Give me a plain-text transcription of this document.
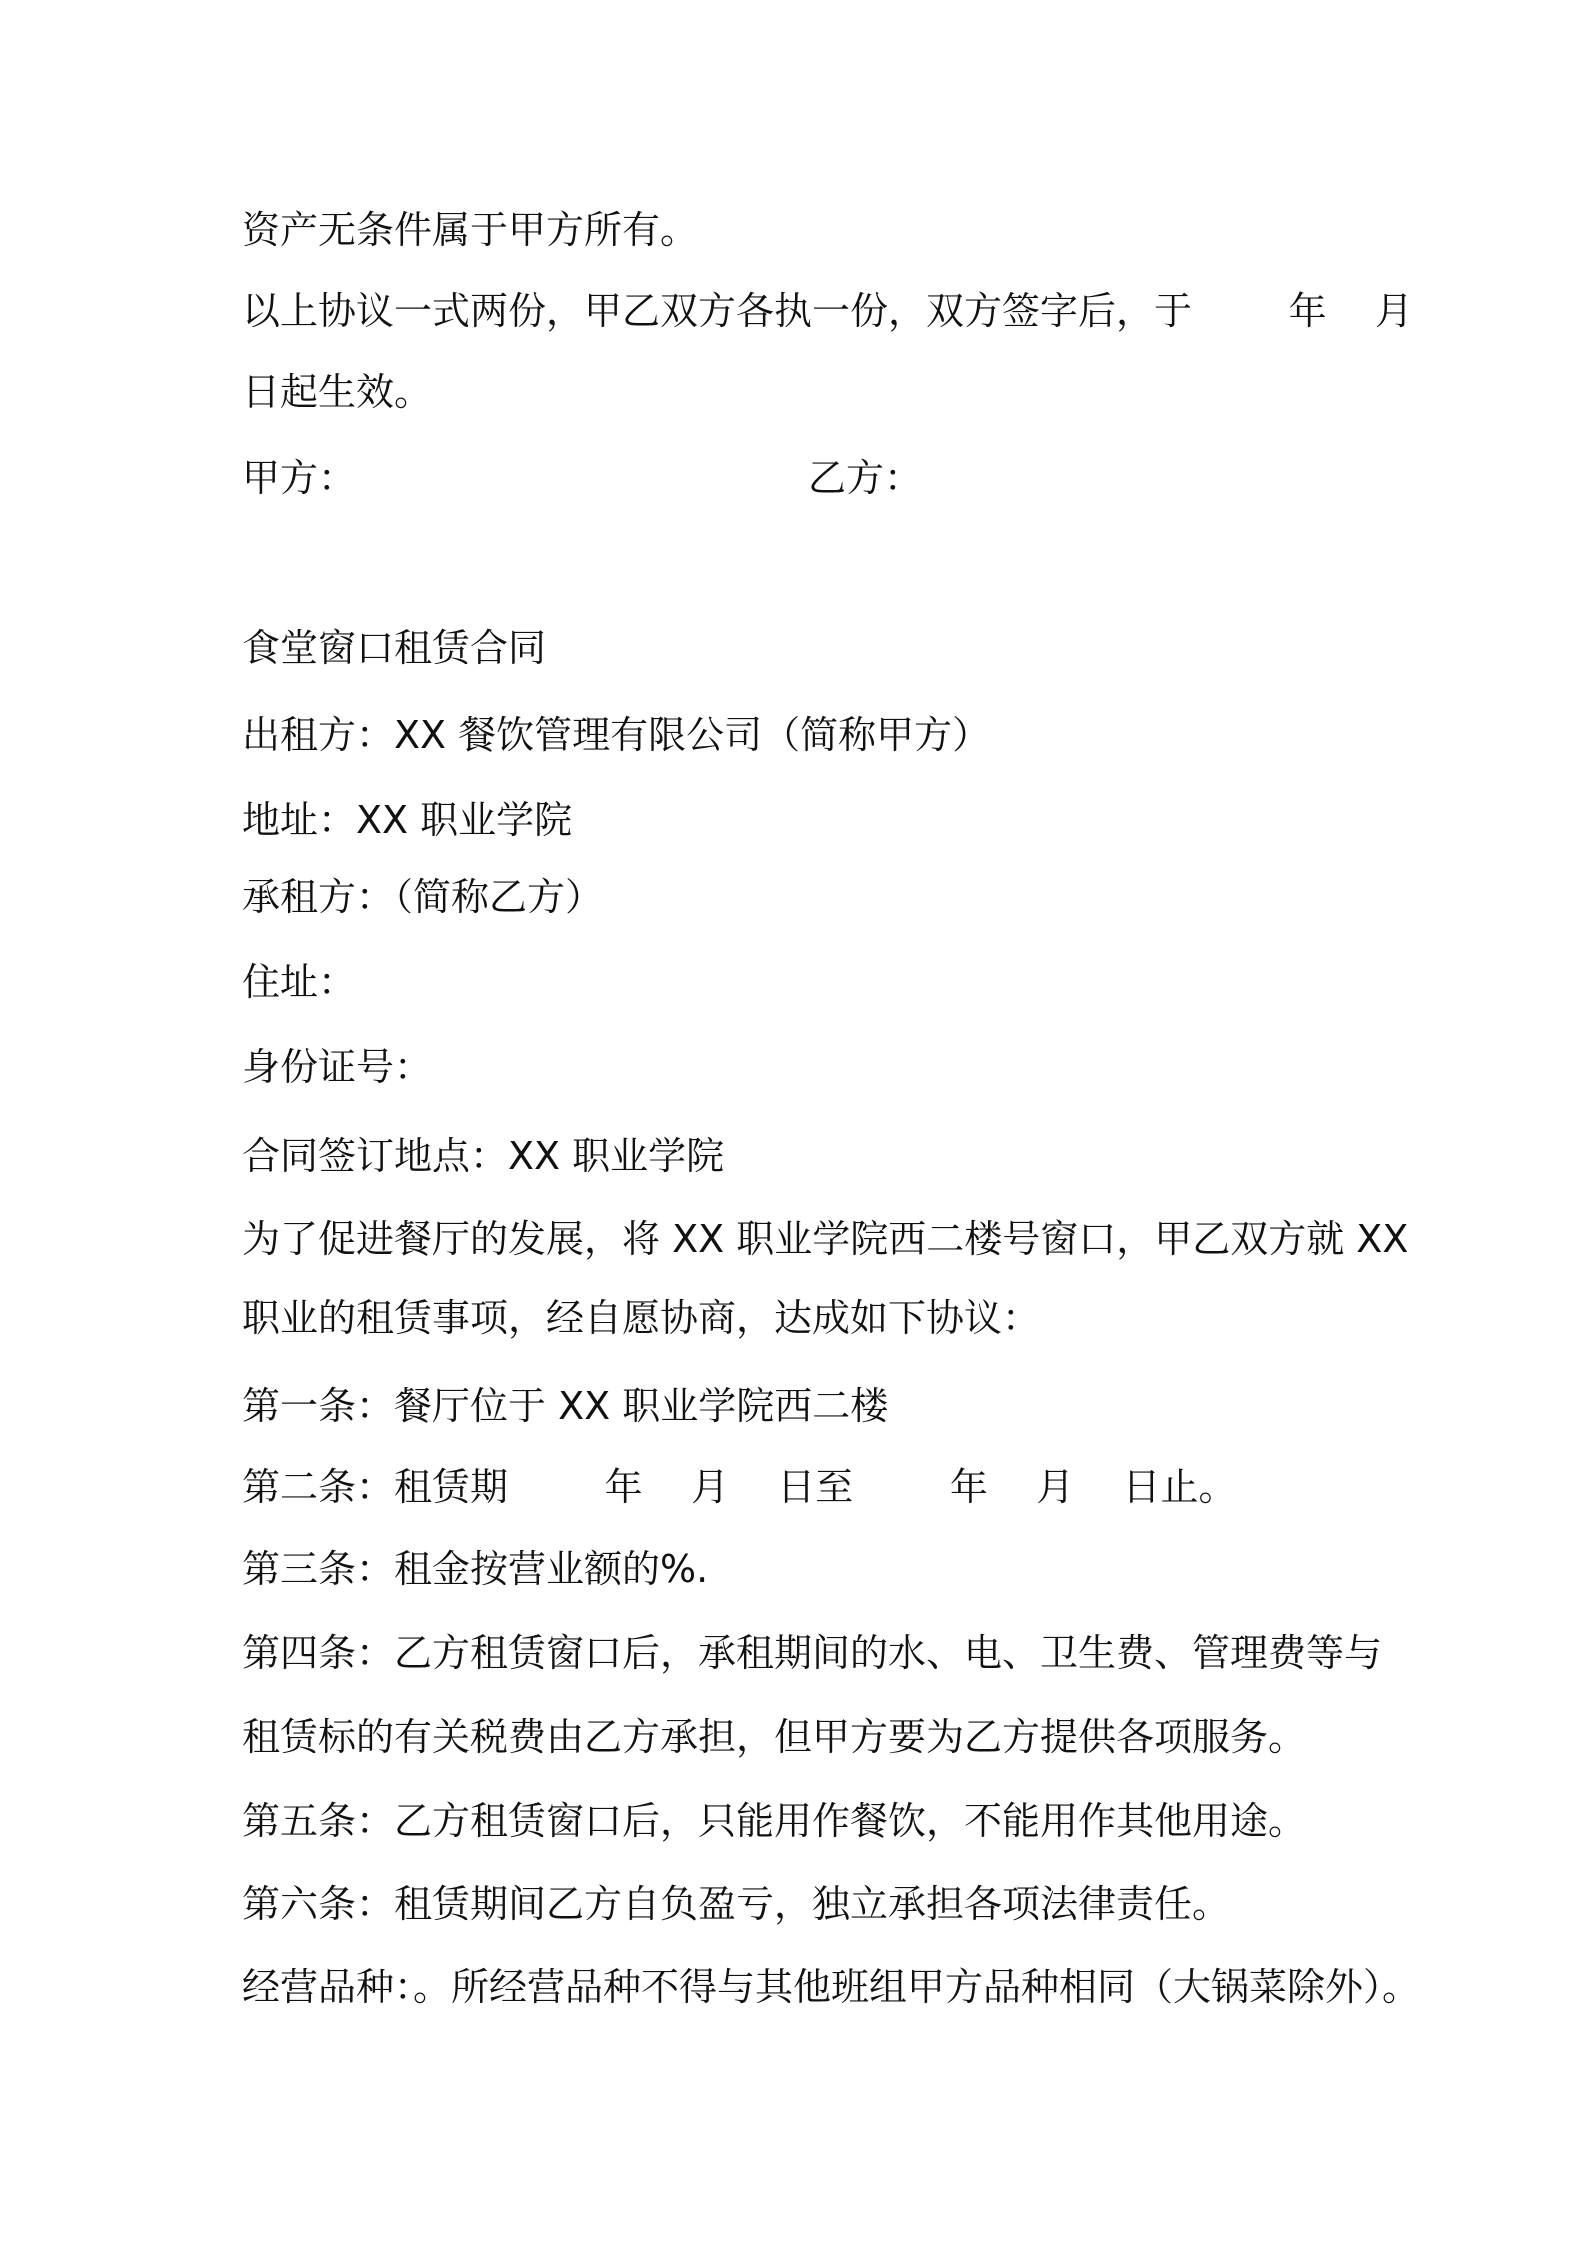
资产无条件属于甲方所有。

以上协议一式两份，甲乙双方各执一份，双方签字后，于        年    月

日起生效。

甲方：	乙方：

食堂窗口租赁合同

出租方：XX 餐饮管理有限公司（简称甲方）

地址：XX 职业学院

承租方：（简称乙方）

住址：

身份证号：

合同签订地点：XX 职业学院

为了促进餐厅的发展，将 XX 职业学院西二楼号窗口，甲乙双方就 XX

职业的租赁事项，经自愿协商，达成如下协议：

第一条：餐厅位于 XX 职业学院西二楼

第二条：租赁期        年    月    日至        年    月    日止。

第三条：租金按营业额的%.

第四条：乙方租赁窗口后，承租期间的水、电、卫生费、管理费等与

租赁标的有关税费由乙方承担，但甲方要为乙方提供各项服务。

第五条：乙方租赁窗口后，只能用作餐饮，不能用作其他用途。

第六条：租赁期间乙方自负盈亏，独立承担各项法律责任。

经营品种：。所经营品种不得与其他班组甲方品种相同（大锅菜除外）。
